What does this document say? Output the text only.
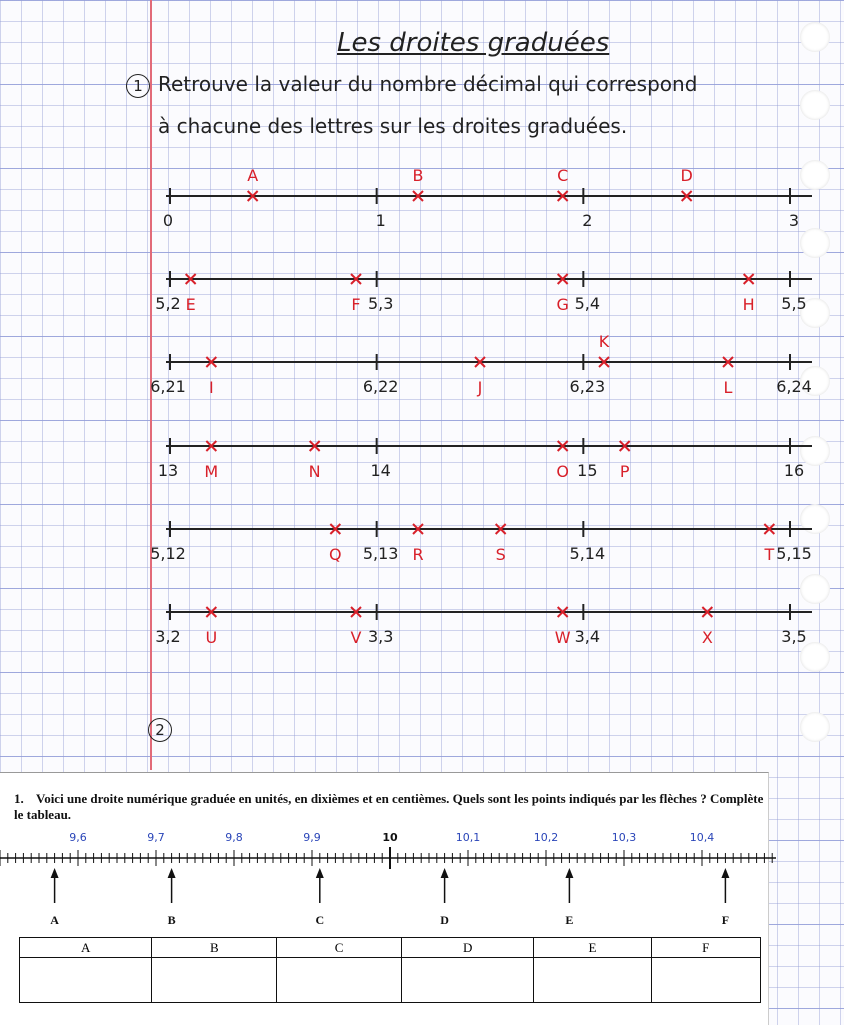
Les droites graduées
1 Retrouve la valeur du nombre décimal qui correspond
à chacune des lettres sur les droites graduées.
0	1	2	3
A	B	C	D
5,2	5,3	5,4	5,5
E	F	G	H
6,21	6,22	6,23	6,24
I	J
K
L
13	14	15	16
M	N	O	P
5,12	5,13	5,14	5,15
Q	R	S	T
3,2	3,3	3,4	3,5
U	V	W	X
2
1. Voici une droite numérique graduée en unités, en dixièmes et en centièmes. Quels sont les points indiqués par les flèches ? Complète le tableau.
9,6	9,7	9,8	9,9	10	10,1	10,2	10,3	10,4
A	B	C	D	E	F
A	B	C	D	E	F
